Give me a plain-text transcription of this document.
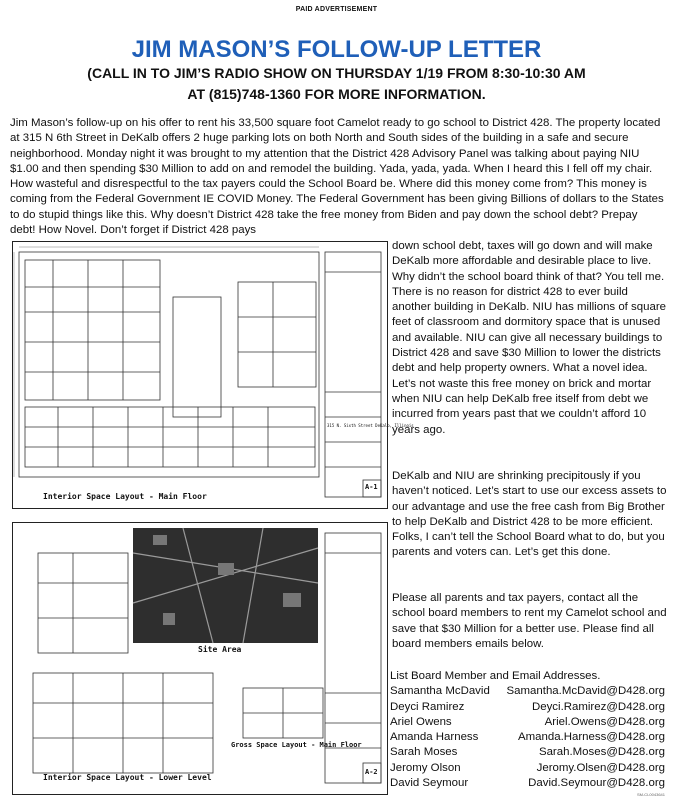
PAID ADVERTISEMENT
JIM MASON’S FOLLOW-UP LETTER
(CALL IN TO JIM’S RADIO SHOW ON THURSDAY 1/19 FROM 8:30-10:30 AM
AT (815)748-1360 FOR MORE INFORMATION.

Jim Mason’s follow-up on his offer to rent his 33,500 square foot Camelot ready to go school to District 428. The property located at 315 N 6th Street in DeKalb offers 2 huge parking lots on both North and South sides of the building in a safe and secure neighborhood. Monday night it was brought to my attention that the District 428 Advisory Panel was talking about paying NIU $1.00 and then spending $30 Million to add on and remodel the building. Yada, yada, yada. When I heard this I fell off my chair. How wasteful and disrespectful to the tax payers could the School Board be. Where did this money come from? This money is coming from the Federal Government IE COVID Money. The Federal Government has been giving Billions of dollars to the States to do stupid things like this. Why doesn’t District 428 take the free money from Biden and pay down the school debt? Prepay debt! How Novel. Don’t forget if District 428 pays

down school debt, taxes will go down and will make DeKalb more affordable and desirable place to live. Why didn’t the school board think of that? You tell me. There is no reason for district 428 to ever build another building in DeKalb. NIU has millions of square feet of classroom and dormitory space that is unused and available. NIU can give all necessary buildings to District 428 and save $30 Million to lower the districts debt and help property owners. What a novel idea. Let’s not waste this free money on brick and mortar when NIU can help DeKalb free itself from debt we incurred from years past that we couldn’t afford 10 years ago.

DeKalb and NIU are shrinking precipitously if you haven’t noticed. Let’s start to use our excess assets to our advantage and use the free cash from Big Brother to help DeKalb and District 428 to be more efficient. Folks, I can’t tell the School Board what to do, but you parents and voters can. Let’s get this done.

Please all parents and tax payers, contact all the school board members to rent my Camelot school and save that $30 Million for a better use. Please find all board members emails below.

Interior Space Layout - Main Floor
A-1
315 N. Sixth Street DeKalb, Illinois
Site Area
Gross Space Layout - Main Floor
Interior Space Layout - Lower Level
A-2
List Board Member and Email Addresses.
Samantha McDavid Samantha.McDavid@D428.org
Deyci Ramirez	Deyci.Ramirez@D428.org
Ariel Owens	Ariel.Owens@D428.org
Amanda Harness	Amanda.Harness@D428.org
Sarah Moses	Sarah.Moses@D428.org
Jeromy Olson	Jeromy.Olsen@D428.org
David Seymour	David.Seymour@D428.org
SM-CL0043641
